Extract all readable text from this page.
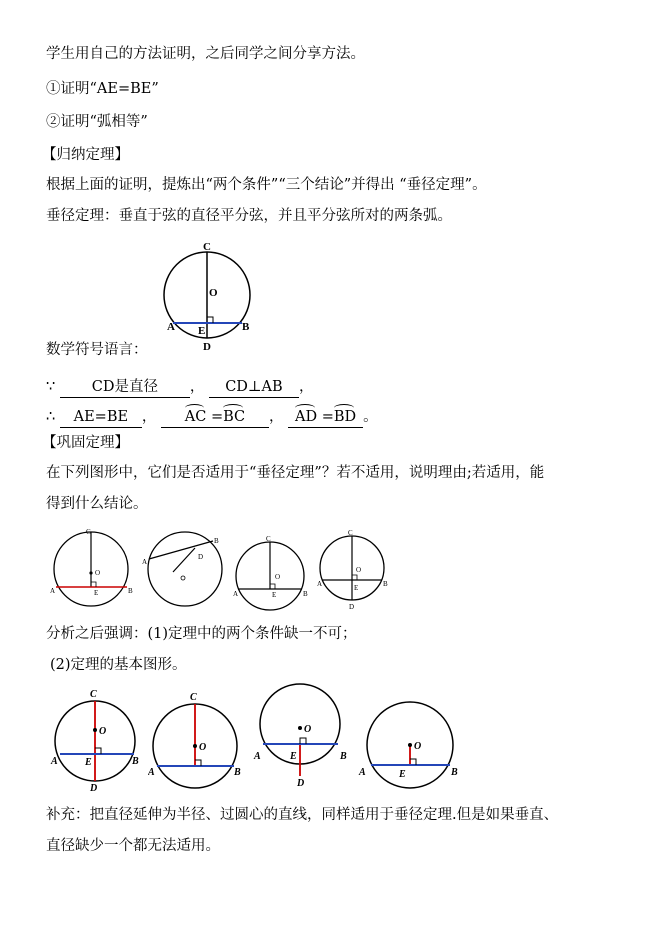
学生用自己的方法证明，之后同学之间分享方法。
①证明“AE=BE”
②证明“弧相等”
【归纳定理】
根据上面的证明，提炼出“两个条件”“三个结论”并得出 “垂径定理”。
垂径定理：垂直于弦的直径平分弦，并且平分弦所对的两条弧。
C
O
A	B
E
D
数学符号语言：
∵	CD是直径 ， CD⊥AB ，
∴ AE=BE ， AC =BC ， AD =BD 。
【巩固定理】
在下列图形中，它们是否适用于“垂径定理”？若不适用，说明理由;若适用，能
得到什么结论。
C
O
A	B
E
A
B
D
C
O
A	B
E
C
O
A	B
E
D
分析之后强调：(1)定理中的两个条件缺一不可；
(2)定理的基本图形。
C
O
A	B
E
D
C
O
A	B
O
A	B
E
D
O
A	B
E
补充：把直径延伸为半径、过圆心的直线，同样适用于垂径定理.但是如果垂直、
直径缺少一个都无法适用。
